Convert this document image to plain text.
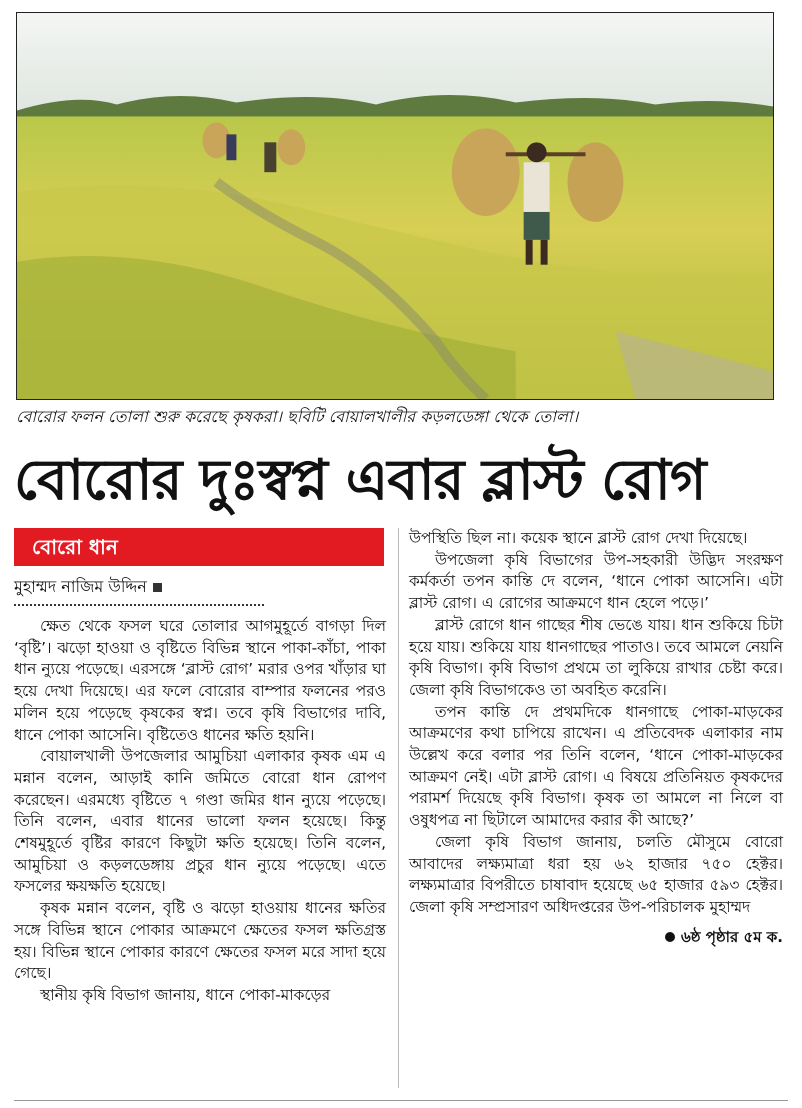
বোরোর ফলন তোলা শুরু করেছে কৃষকরা। ছবিটি বোয়ালখালীর কড়লডেঙ্গা থেকে তোলা।
বোরোর দুঃস্বপ্ন এবার ব্লাস্ট রোগ
বোরো ধান
মুহাম্মদ নাজিম উদ্দিন

ক্ষেত থেকে ফসল ঘরে তোলার আগমুহূর্তে বাগড়া দিল ‘বৃষ্টি’। ঝড়ো হাওয়া ও বৃষ্টিতে বিভিন্ন স্থানে পাকা-কাঁচা, পাকা ধান ন্যুয়ে পড়েছে। এরসঙ্গে ‘ব্লাস্ট রোগ’ মরার ওপর খাঁড়ার ঘা হয়ে দেখা দিয়েছে। এর ফলে বোরোর বাম্পার ফলনের পরও মলিন হয়ে পড়েছে কৃষকের স্বপ্ন। তবে কৃষি বিভাগের দাবি, ধানে পোকা আসেনি। বৃষ্টিতেও ধানের ক্ষতি হয়নি।

বোয়ালখালী উপজেলার আমুচিয়া এলাকার কৃষক এম এ মন্নান বলেন, আড়াই কানি জমিতে বোরো ধান রোপণ করেছেন। এরমধ্যে বৃষ্টিতে ৭ গণ্ডা জমির ধান ন্যুয়ে পড়েছে। তিনি বলেন, এবার ধানের ভালো ফলন হয়েছে। কিন্তু শেষমুহূর্তে বৃষ্টির কারণে কিছুটা ক্ষতি হয়েছে। তিনি বলেন, আমুচিয়া ও কড়লডেঙ্গায় প্রচুর ধান ন্যুয়ে পড়েছে। এতে ফসলের ক্ষয়ক্ষতি হয়েছে।

কৃষক মন্নান বলেন, বৃষ্টি ও ঝড়ো হাওয়ায় ধানের ক্ষতির সঙ্গে বিভিন্ন স্থানে পোকার আক্রমণে ক্ষেতের ফসল ক্ষতিগ্রস্ত হয়। বিভিন্ন স্থানে পোকার কারণে ক্ষেতের ফসল মরে সাদা হয়ে গেছে।

স্থানীয় কৃষি বিভাগ জানায়, ধানে পোকা-মাকড়ের

উপস্থিতি ছিল না। কয়েক স্থানে ব্লাস্ট রোগ দেখা দিয়েছে।

উপজেলা কৃষি বিভাগের উপ-সহকারী উদ্ভিদ সংরক্ষণ কর্মকর্তা তপন কান্তি দে বলেন, ‘ধানে পোকা আসেনি। এটা ব্লাস্ট রোগ। এ রোগের আক্রমণে ধান হেলে পড়ে।’

ব্লাস্ট রোগে ধান গাছের শীষ ভেঙে যায়। ধান শুকিয়ে চিটা হয়ে যায়। শুকিয়ে যায় ধানগাছের পাতাও। তবে আমলে নেয়নি কৃষি বিভাগ। কৃষি বিভাগ প্রথমে তা লুকিয়ে রাখার চেষ্টা করে। জেলা কৃষি বিভাগকেও তা অবহিত করেনি।

তপন কান্তি দে প্রথমদিকে ধানগাছে পোকা-মাড়কের আক্রমণের কথা চাপিয়ে রাখেন। এ প্রতিবেদক এলাকার নাম উল্লেখ করে বলার পর তিনি বলেন, ‘ধানে পোকা-মাড়কের আক্রমণ নেই। এটা ব্লাস্ট রোগ। এ বিষয়ে প্রতিনিয়ত কৃষকদের পরামর্শ দিয়েছে কৃষি বিভাগ। কৃষক তা আমলে না নিলে বা ওষুধপত্র না ছিটালে আমাদের করার কী আছে?’

জেলা কৃষি বিভাগ জানায়, চলতি মৌসুমে বোরো আবাদের লক্ষ্যমাত্রা ধরা হয় ৬২ হাজার ৭৫০ হেক্টর। লক্ষ্যমাত্রার বিপরীতে চাষাবাদ হয়েছে ৬৫ হাজার ৫৯৩ হেক্টর। জেলা কৃষি সম্প্রসারণ অধিদপ্তরের উপ-পরিচালক মুহাম্মদ

৬ষ্ঠ পৃষ্ঠার ৫ম ক.
